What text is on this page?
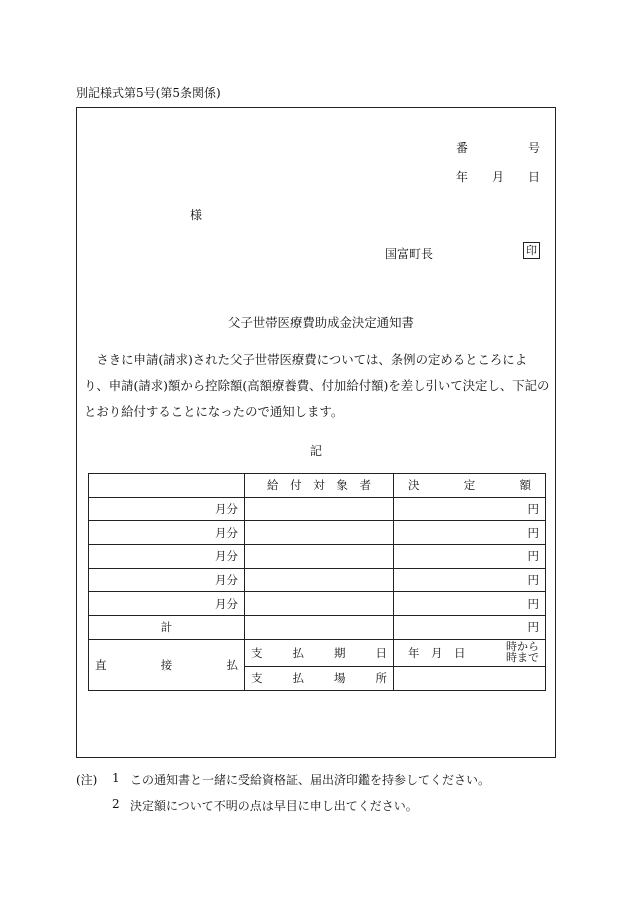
別記様式第5号(第5条関係)
番　　　　　号
年　　月　　日
様
国富町長	印
父子世帯医療費助成金決定通知書
　さきに申請(請求)された父子世帯医療費については、条例の定めるところにより、申請(請求)額から控除額(高額療養費、付加給付額)を差し引いて決定し、下記のとおり給付することになったので通知します。
記

	給付対象者	決定額

月分		円
月分		円
月分		円
月分		円
月分		円
計		円

直接払	支払期日	年　月　日 時から
時まで

	支払場所	

(注) 1 この通知書と一緒に受給資格証、届出済印鑑を持参してください。
2 決定額について不明の点は早目に申し出てください。
